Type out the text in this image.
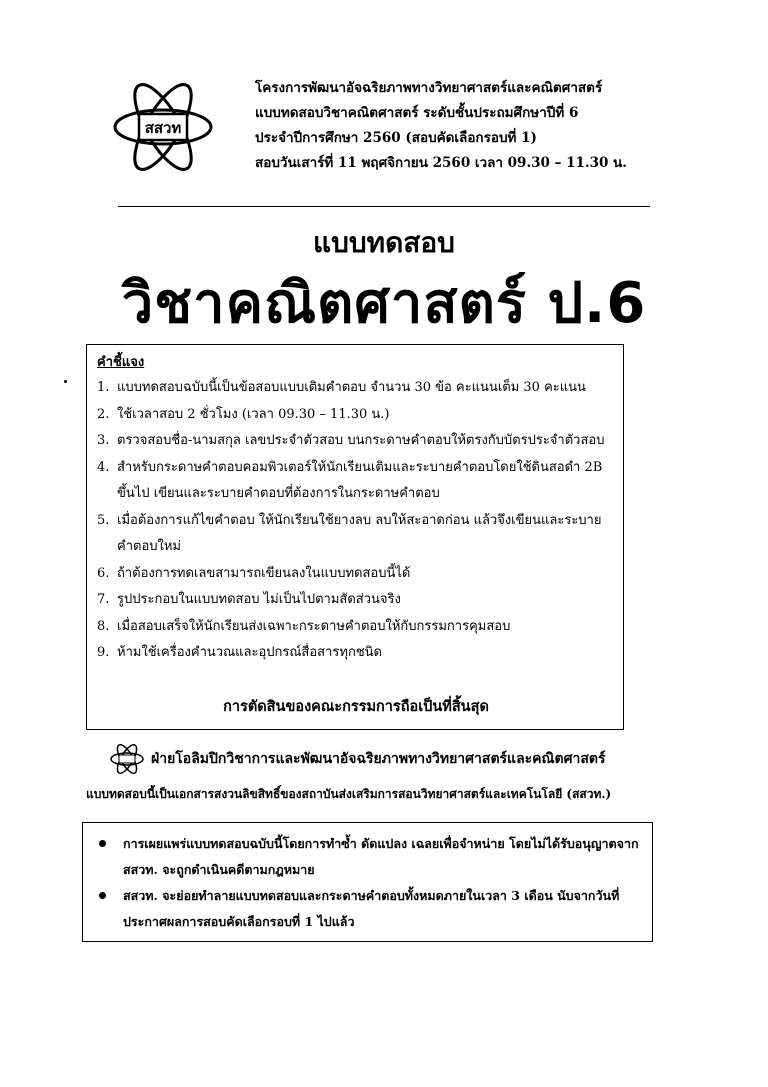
สสวท
โครงการพัฒนาอัจฉริยภาพทางวิทยาศาสตร์และคณิตศาสตร์
แบบทดสอบวิชาคณิตศาสตร์ ระดับชั้นประถมศึกษาปีที่ 6
ประจำปีการศึกษา 2560 (สอบคัดเลือกรอบที่ 1)
สอบวันเสาร์ที่ 11 พฤศจิกายน 2560 เวลา 09.30 – 11.30 น.
แบบทดสอบ
วิชาคณิตศาสตร์ ป.6
คำชี้แจง
1. แบบทดสอบฉบับนี้เป็นข้อสอบแบบเติมคำตอบ จำนวน 30 ข้อ คะแนนเต็ม 30 คะแนน
2. ใช้เวลาสอบ 2 ชั่วโมง (เวลา 09.30 – 11.30 น.)
3. ตรวจสอบชื่อ-นามสกุล เลขประจำตัวสอบ บนกระดาษคำตอบให้ตรงกับบัตรประจำตัวสอบ
4. สำหรับกระดาษคำตอบคอมพิวเตอร์ให้นักเรียนเติมและระบายคำตอบโดยใช้ดินสอดำ 2B ขึ้นไป เขียนและระบายคำตอบที่ต้องการในกระดาษคำตอบ
5. เมื่อต้องการแก้ไขคำตอบ ให้นักเรียนใช้ยางลบ ลบให้สะอาดก่อน แล้วจึงเขียนและระบายคำตอบใหม่
6. ถ้าต้องการทดเลขสามารถเขียนลงในแบบทดสอบนี้ได้
7. รูปประกอบในแบบทดสอบ ไม่เป็นไปตามสัดส่วนจริง
8. เมื่อสอบเสร็จให้นักเรียนส่งเฉพาะกระดาษคำตอบให้กับกรรมการคุมสอบ
9. ห้ามใช้เครื่องคำนวณและอุปกรณ์สื่อสารทุกชนิด
การตัดสินของคณะกรรมการถือเป็นที่สิ้นสุด
ฝ่ายโอลิมปิกวิชาการและพัฒนาอัจฉริยภาพทางวิทยาศาสตร์และคณิตศาสตร์
แบบทดสอบนี้เป็นเอกสารสงวนลิขสิทธิ์ของสถาบันส่งเสริมการสอนวิทยาศาสตร์และเทคโนโลยี (สสวท.)
การเผยแพร่แบบทดสอบฉบับนี้โดยการทำซ้ำ ดัดแปลง เฉลยเพื่อจำหน่าย โดยไม่ได้รับอนุญาตจาก สสวท. จะถูกดำเนินคดีตามกฎหมาย
สสวท. จะย่อยทำลายแบบทดสอบและกระดาษคำตอบทั้งหมดภายในเวลา 3 เดือน นับจากวันที่ประกาศผลการสอบคัดเลือกรอบที่ 1 ไปแล้ว
